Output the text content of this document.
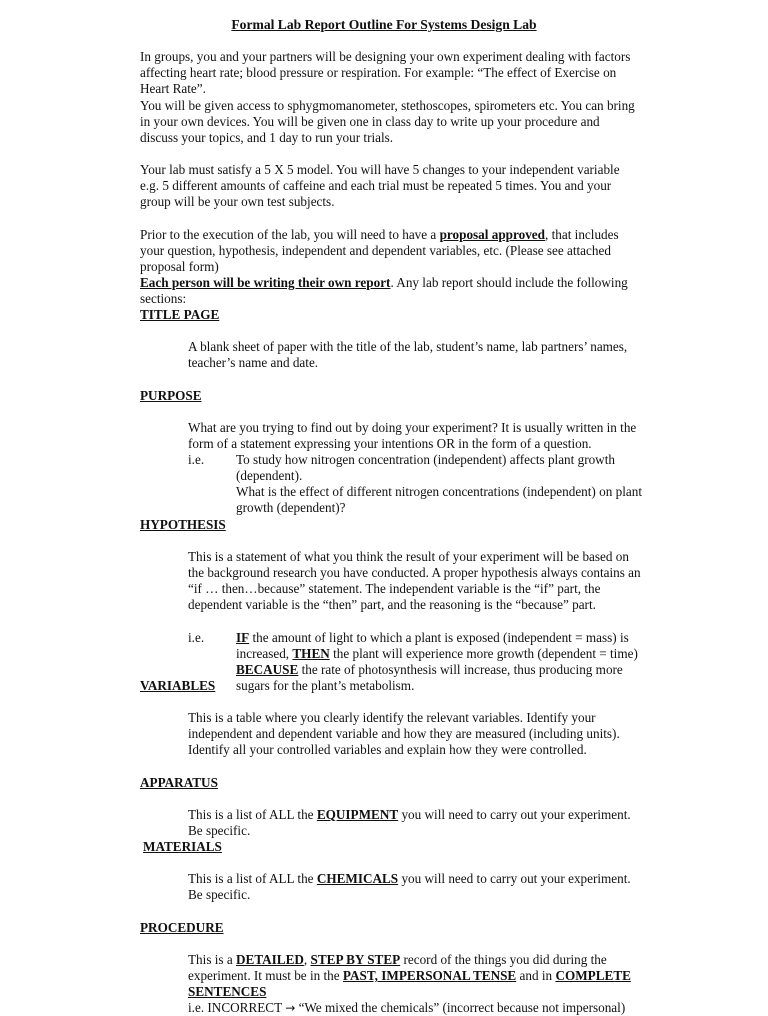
Formal Lab Report Outline For Systems Design Lab

In groups, you and your partners will be designing your own experiment dealing with factors affecting heart rate; blood pressure or respiration. For example: “The effect of Exercise on Heart Rate”.

You will be given access to sphygmomanometer, stethoscopes, spirometers etc. You can bring in your own devices. You will be given one in class day to write up your procedure and discuss your topics, and 1 day to run your trials.

Your lab must satisfy a 5 X 5 model. You will have 5 changes to your independent variable e.g. 5 different amounts of caffeine and each trial must be repeated 5 times. You and your group will be your own test subjects.

Prior to the execution of the lab, you will need to have a proposal approved, that includes your question, hypothesis, independent and dependent variables, etc. (Please see attached proposal form)

Each person will be writing their own report. Any lab report should include the following sections:

TITLE PAGE

A blank sheet of paper with the title of the lab, student’s name, lab partners’ names, teacher’s name and date.

PURPOSE

What are you trying to find out by doing your experiment? It is usually written in the form of a statement expressing your intentions OR in the form of a question.

i.e. To study how nitrogen concentration (independent) affects plant growth (dependent).

What is the effect of different nitrogen concentrations (independent) on plant growth (dependent)?

HYPOTHESIS

This is a statement of what you think the result of your experiment will be based on the background research you have conducted. A proper hypothesis always contains an “if … then…because” statement. The independent variable is the “if” part, the dependent variable is the “then” part, and the reasoning is the “because” part.

i.e. IF the amount of light to which a plant is exposed (independent = mass) is increased, THEN the plant will experience more growth (dependent = time) BECAUSE the rate of photosynthesis will increase, thus producing more sugars for the plant’s metabolism.

VARIABLES

This is a table where you clearly identify the relevant variables. Identify your independent and dependent variable and how they are measured (including units). Identify all your controlled variables and explain how they were controlled.

APPARATUS

This is a list of ALL the EQUIPMENT you will need to carry out your experiment. Be specific.

MATERIALS

This is a list of ALL the CHEMICALS you will need to carry out your experiment. Be specific.

PROCEDURE

This is a DETAILED, STEP BY STEP record of the things you did during the experiment. It must be in the PAST, IMPERSONAL TENSE and in COMPLETE SENTENCES

i.e. INCORRECT → “We mixed the chemicals” (incorrect because not impersonal)
